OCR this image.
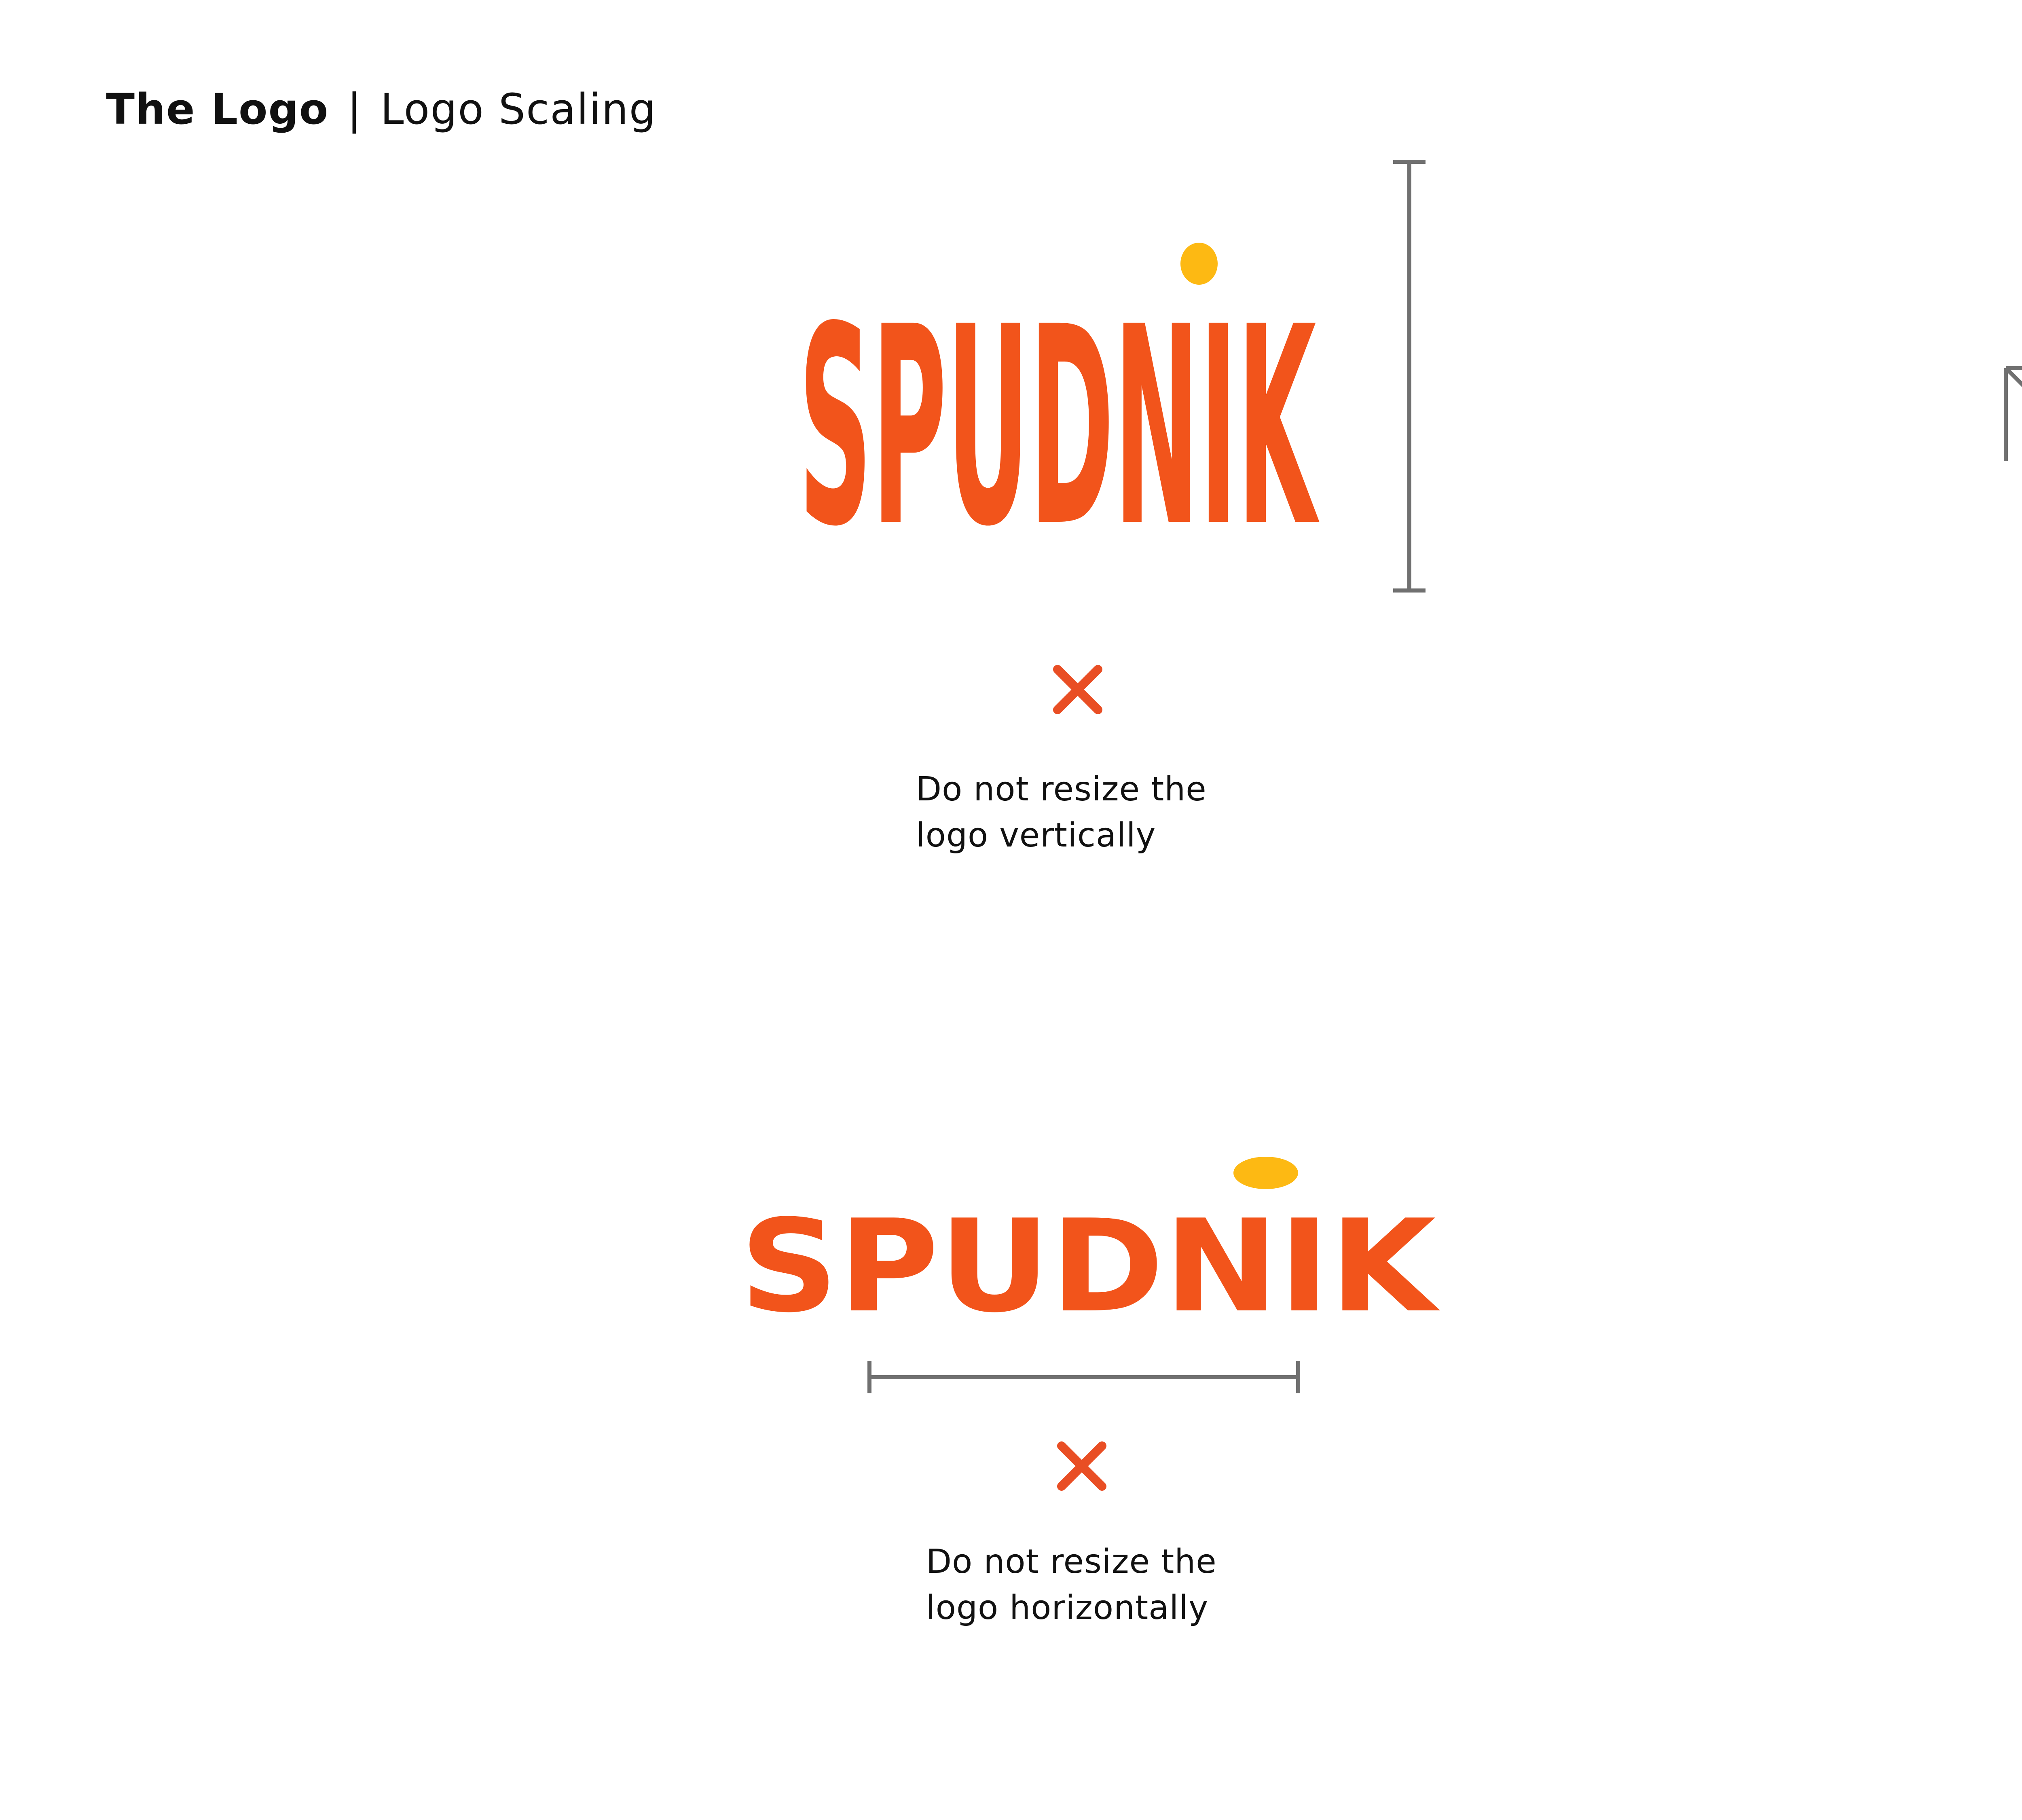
The Logo | Logo Scaling
SPUDNIK
Do not resize the
logo vertically
SPUDNIK
Do not resize the
logo horizontally
